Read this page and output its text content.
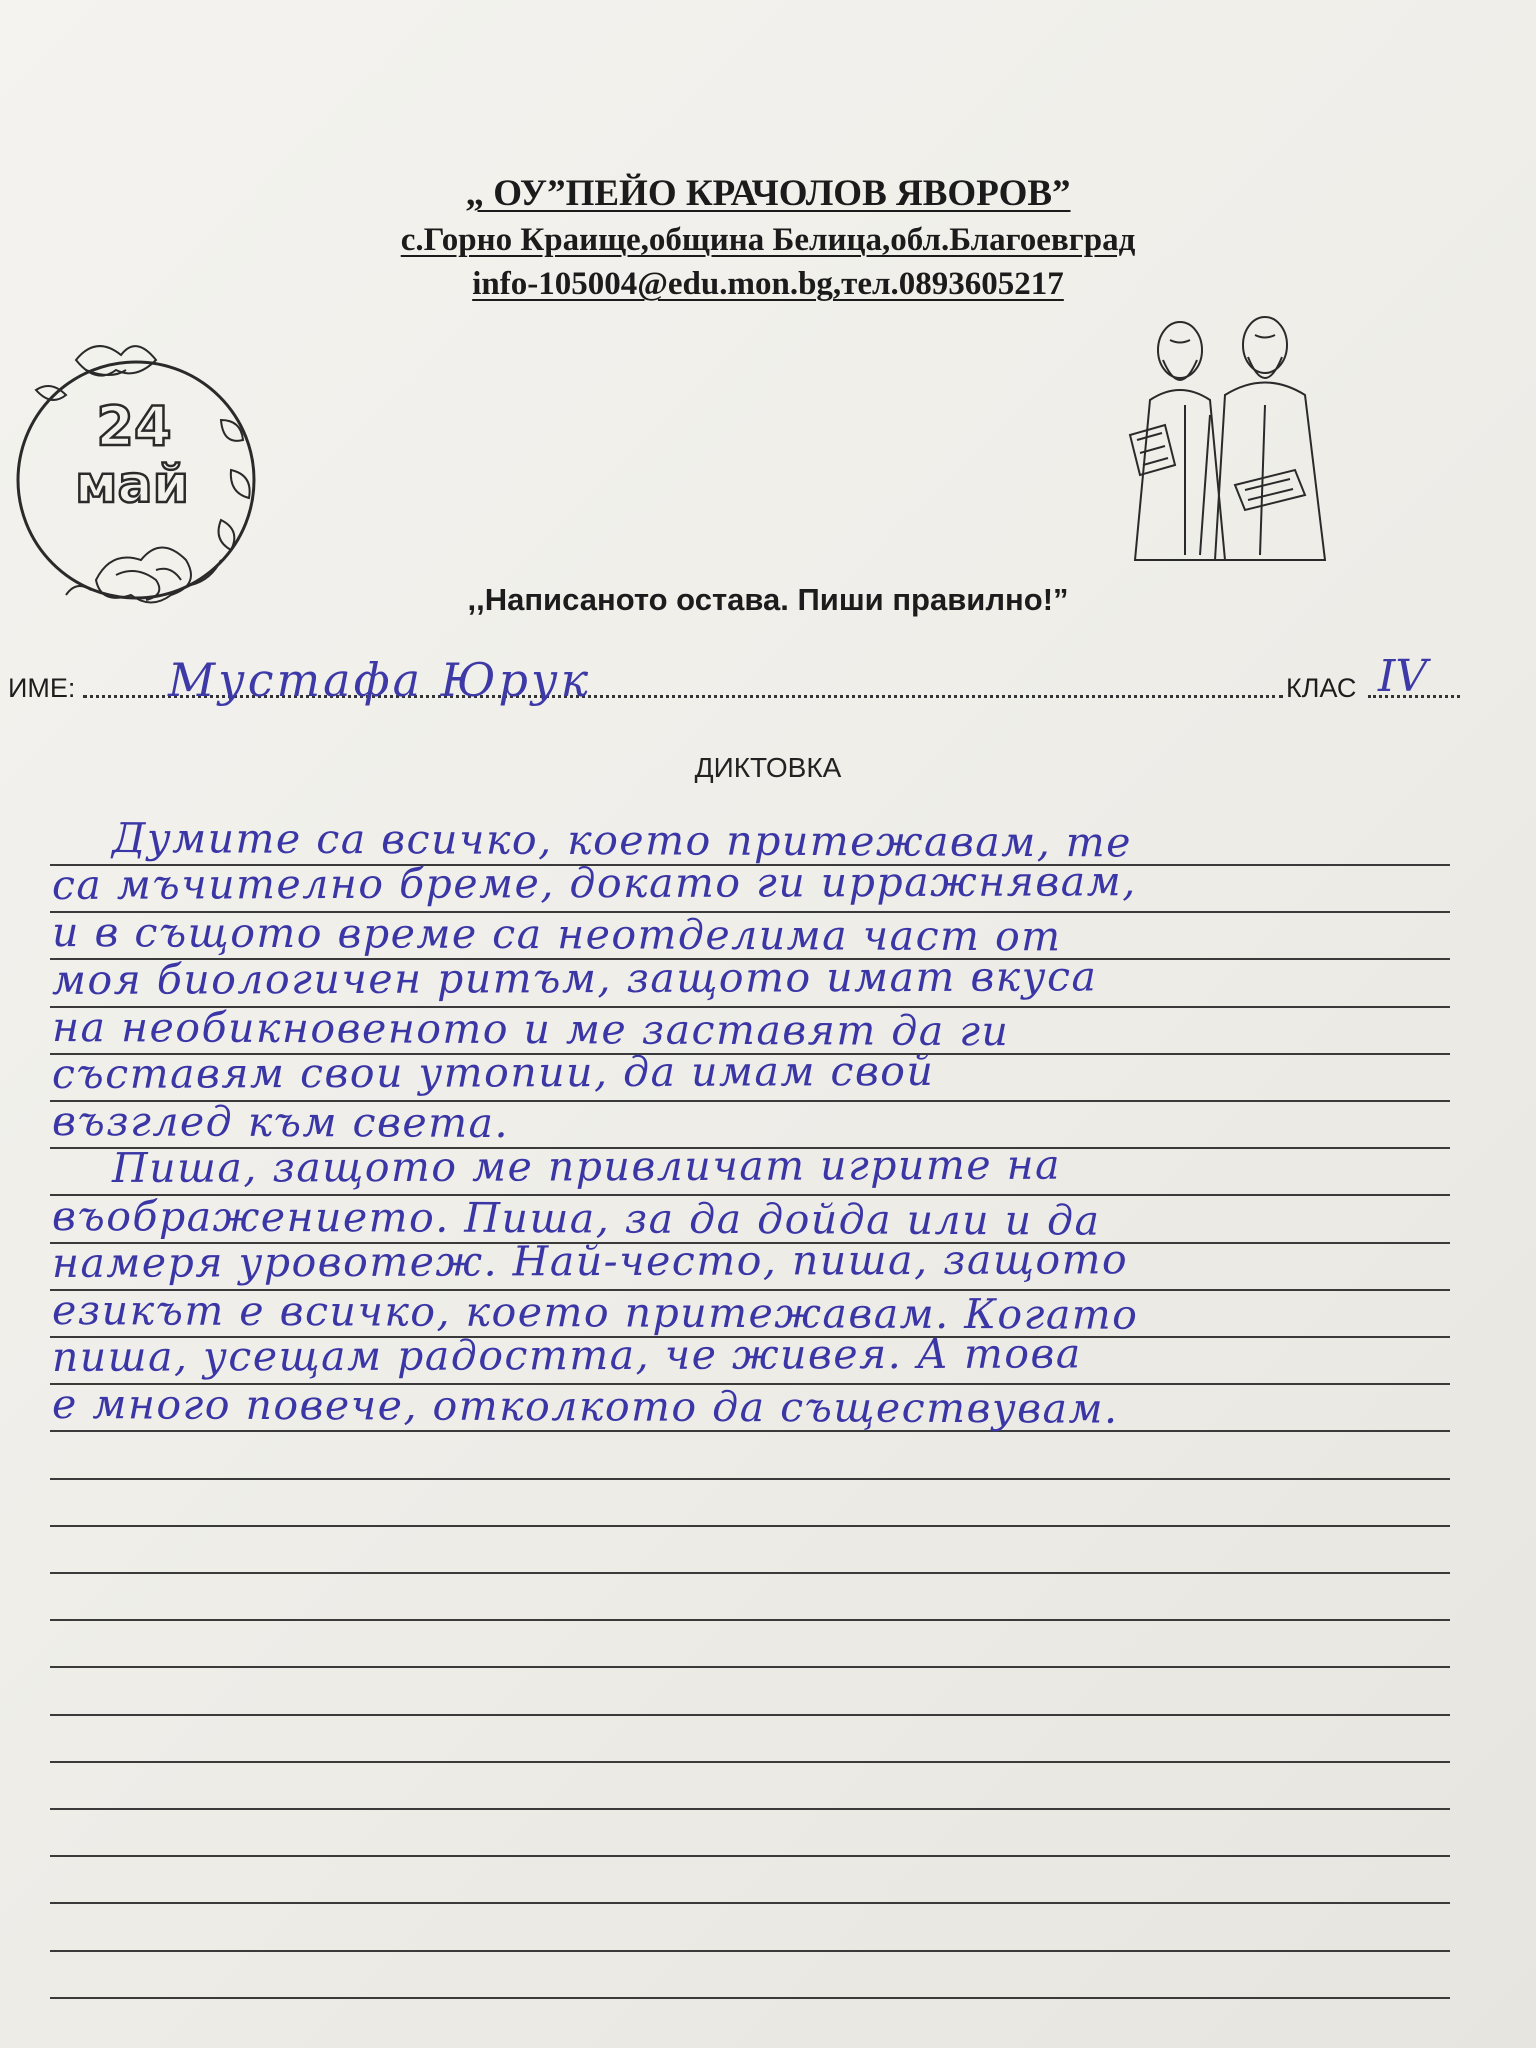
„ ОУ”ПЕЙО КРАЧОЛОВ ЯВОРОВ”
с.Горно Краище,община Белица,обл.Благоевград
info-105004@edu.mon.bg,тел.0893605217
24
май
,,Написаното остава. Пиши правилно!”
ИМЕ: Мустафа Юрук	КЛАС IV
ДИКТОВКА
Думите са всичко, което притежавам, те
са мъчително бреме, докато ги upражнявам,
и в същото време са неотделима част от
моя биологичен ритъм, защото имат вкуса
на необикновеното и ме заставят да ги
съставям свои утопии, да имам свой
възглед към света.
Пиша, защото ме привличат игрите на
въображението. Пиша, за да дойда или и да
намеря уровотеж. Най-често, пиша, защото
езикът е всичко, което притежавам. Когато
пиша, усещам радостта, че живея. А това
е много повече, отколкото да съществувам.
